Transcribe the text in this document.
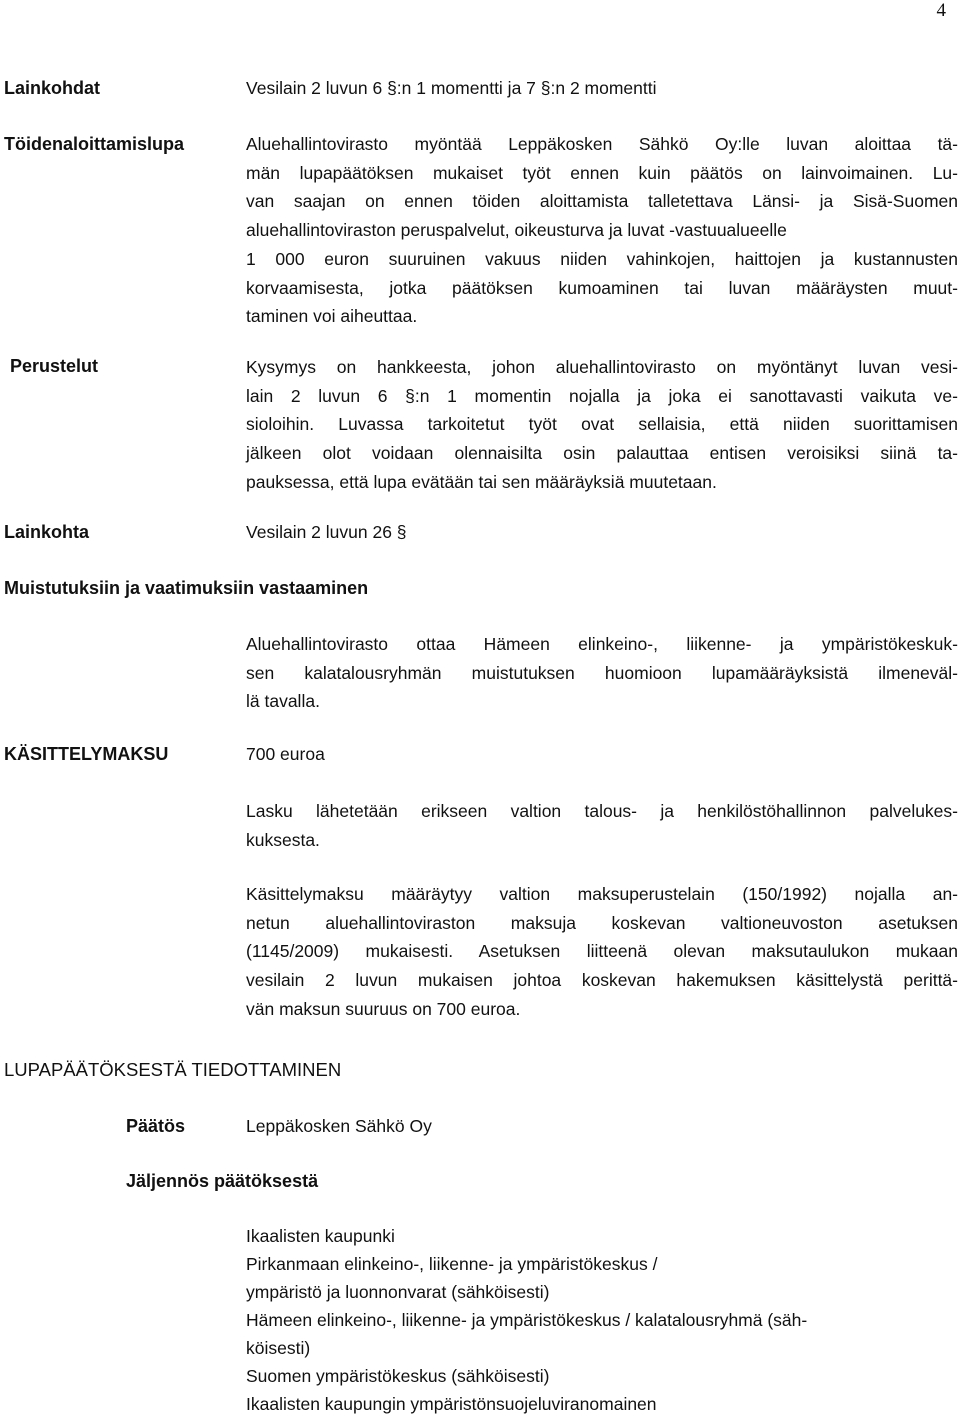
4
Lainkohdat	Vesilain 2 luvun 6 §:n 1 momentti ja 7 §:n 2 momentti
Töidenaloittamislupa	Aluehallintovirasto myöntää Leppäkosken Sähkö Oy:lle luvan aloittaa tä-
män lupapäätöksen mukaiset työt ennen kuin päätös on lainvoimainen. Lu-
van saajan on ennen töiden aloittamista talletettava Länsi- ja Sisä-Suomen
aluehallintoviraston peruspalvelut, oikeusturva ja luvat -vastuualueelle
1 000 euron suuruinen vakuus niiden vahinkojen, haittojen ja kustannusten
korvaamisesta, jotka päätöksen kumoaminen tai luvan määräysten muut-
taminen voi aiheuttaa.
Perustelut	Kysymys on hankkeesta, johon aluehallintovirasto on myöntänyt luvan vesi-
lain 2 luvun 6 §:n 1 momentin nojalla ja joka ei sanottavasti vaikuta ve-
sioloihin. Luvassa tarkoitetut työt ovat sellaisia, että niiden suorittamisen
jälkeen olot voidaan olennaisilta osin palauttaa entisen veroisiksi siinä ta-
pauksessa, että lupa evätään tai sen määräyksiä muutetaan.
Lainkohta	Vesilain 2 luvun 26 §
Muistutuksiin ja vaatimuksiin vastaaminen
Aluehallintovirasto ottaa Hämeen elinkeino-, liikenne- ja ympäristökeskuk-
sen kalatalousryhmän muistutuksen huomioon lupamääräyksistä ilmeneväl-
lä tavalla.
KÄSITTELYMAKSU	700 euroa
Lasku lähetetään erikseen valtion talous- ja henkilöstöhallinnon palvelukes-
kuksesta.
Käsittelymaksu määräytyy valtion maksuperustelain (150/1992) nojalla an-
netun aluehallintoviraston maksuja koskevan valtioneuvoston asetuksen
(1145/2009) mukaisesti. Asetuksen liitteenä olevan maksutaulukon mukaan
vesilain 2 luvun mukaisen johtoa koskevan hakemuksen käsittelystä perittä-
vän maksun suuruus on 700 euroa.
LUPAPÄÄTÖKSESTÄ TIEDOTTAMINEN
Päätös	Leppäkosken Sähkö Oy
Jäljennös päätöksestä
Ikaalisten kaupunki
Pirkanmaan elinkeino-, liikenne- ja ympäristökeskus /
ympäristö ja luonnonvarat (sähköisesti)
Hämeen elinkeino-, liikenne- ja ympäristökeskus / kalatalousryhmä (säh-
köisesti)
Suomen ympäristökeskus (sähköisesti)
Ikaalisten kaupungin ympäristönsuojeluviranomainen
